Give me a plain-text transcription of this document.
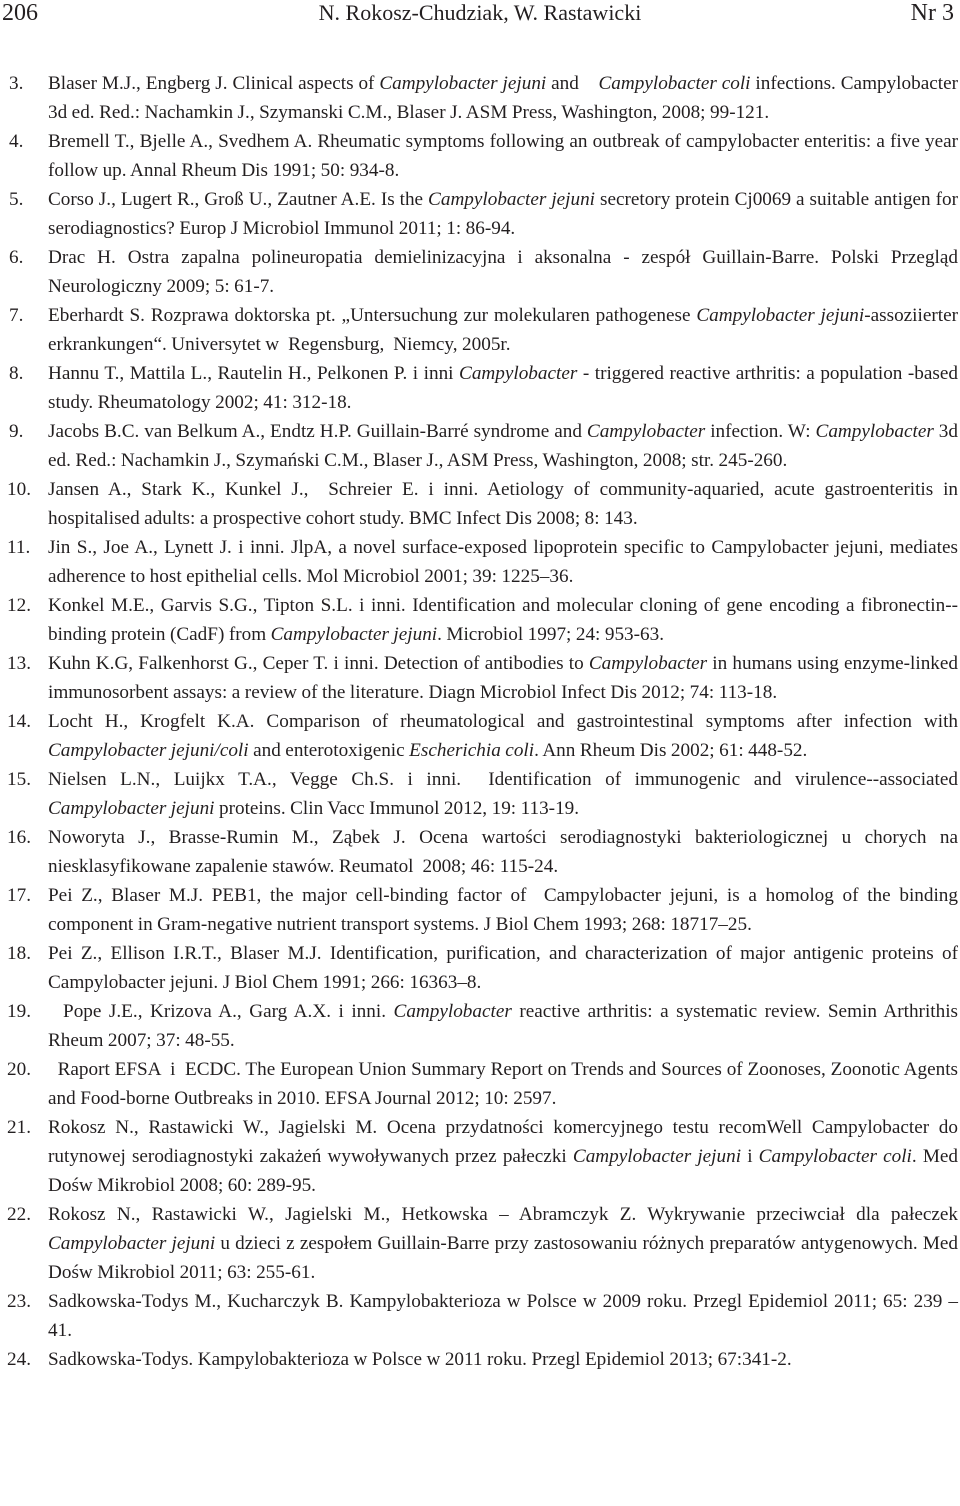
206	N. Rokosz-Chudziak, W. Rastawicki	Nr 3
3. Blaser M.J., Engberg J. Clinical aspects of Campylobacter jejuni and    Campylobacter coli infections. Campylobacter 3d ed. Red.: Nachamkin J., Szymanski C.M., Blaser J. ASM Press, Washington, 2008; 99-121.
4. Bremell T., Bjelle A., Svedhem A. Rheumatic symptoms following an outbreak of campylobacter enteritis: a five year follow up. Annal Rheum Dis 1991; 50: 934-8.
5. Corso J., Lugert R., Groß U., Zautner A.E. Is the Campylobacter jejuni secretory protein Cj0069 a suitable antigen for serodiagnostics? Europ J Microbiol Immunol 2011; 1: 86-94.
6. Drac H. Ostra zapalna polineuropatia demielinizacyjna i aksonalna - zespół Guillain-Barre. Polski Przegląd Neurologiczny 2009; 5: 61-7.
7. Eberhardt S. Rozprawa doktorska pt. „Untersuchung zur molekularen pathogenese Campylobacter jejuni-assoziierter erkrankungen“. Universytet w  Regensburg,  Niemcy, 2005r.
8. Hannu T., Mattila L., Rautelin H., Pelkonen P. i inni Campylobacter - triggered reactive arthritis: a population -based study. Rheumatology 2002; 41: 312-18.
9. Jacobs B.C. van Belkum A., Endtz H.P. Guillain-Barré syndrome and Campylobacter infection. W: Campylobacter 3d ed. Red.: Nachamkin J., Szymański C.M., Blaser J., ASM Press, Washington, 2008; str. 245-260.
10. Jansen A., Stark K., Kunkel J.,  Schreier E. i inni. Aetiology of community-aquaried, acute gastroenteritis in hospitalised adults: a prospective cohort study. BMC Infect Dis 2008; 8: 143.
11. Jin S., Joe A., Lynett J. i inni. JlpA, a novel surface-exposed lipoprotein specific to Campylobacter jejuni, mediates adherence to host epithelial cells. Mol Microbiol 2001; 39: 1225–36.
12. Konkel M.E., Garvis S.G., Tipton S.L. i inni. Identification and molecular cloning of gene encoding a fibronectin--binding protein (CadF) from Campylobacter jejuni. Microbiol 1997; 24: 953-63.
13. Kuhn K.G, Falkenhorst G., Ceper T. i inni. Detection of antibodies to Campylobacter in humans using enzyme-linked immunosorbent assays: a review of the literature. Diagn Microbiol Infect Dis 2012; 74: 113-18.
14. Locht H., Krogfelt K.A. Comparison of rheumatological and gastrointestinal symptoms after infection with Campylobacter jejuni/coli and enterotoxigenic Escherichia coli. Ann Rheum Dis 2002; 61: 448-52.
15. Nielsen L.N., Luijkx T.A., Vegge Ch.S. i inni.  Identification of immunogenic and virulence--associated Campylobacter jejuni proteins. Clin Vacc Immunol 2012, 19: 113-19.
16. Noworyta J., Brasse-Rumin M., Ząbek J. Ocena wartości serodiagnostyki bakteriologicznej u chorych na niesklasyfikowane zapalenie stawów. Reumatol  2008; 46: 115-24.
17. Pei Z., Blaser M.J. PEB1, the major cell-binding factor of  Campylobacter jejuni, is a homolog of the binding component in Gram-negative nutrient transport systems. J Biol Chem 1993; 268: 18717–25.
18. Pei Z., Ellison I.R.T., Blaser M.J. Identification, purification, and characterization of major antigenic proteins of Campylobacter jejuni. J Biol Chem 1991; 266: 16363–8.
19. Pope J.E., Krizova A., Garg A.X. i inni. Campylobacter reactive arthritis: a systematic review. Semin Arthrithis Rheum 2007; 37: 48-55.
20. Raport EFSA  i  ECDC. The European Union Summary Report on Trends and Sources of Zoonoses, Zoonotic Agents and Food-borne Outbreaks in 2010. EFSA Journal 2012; 10: 2597.
21. Rokosz N., Rastawicki W., Jagielski M. Ocena przydatności komercyjnego testu recomWell Campylobacter do rutynowej serodiagnostyki zakażeń wywoływanych przez pałeczki Campylobacter jejuni i Campylobacter coli. Med Dośw Mikrobiol 2008; 60: 289-95.
22. Rokosz N., Rastawicki W., Jagielski M., Hetkowska – Abramczyk Z. Wykrywanie przeciwciał dla pałeczek Campylobacter jejuni u dzieci z zespołem Guillain-Barre przy zastosowaniu różnych preparatów antygenowych. Med Dośw Mikrobiol 2011; 63: 255-61.
23. Sadkowska-Todys M., Kucharczyk B. Kampylobakterioza w Polsce w 2009 roku. Przegl Epidemiol 2011; 65: 239 – 41.
24. Sadkowska-Todys. Kampylobakterioza w Polsce w 2011 roku. Przegl Epidemiol 2013; 67:341-2.
